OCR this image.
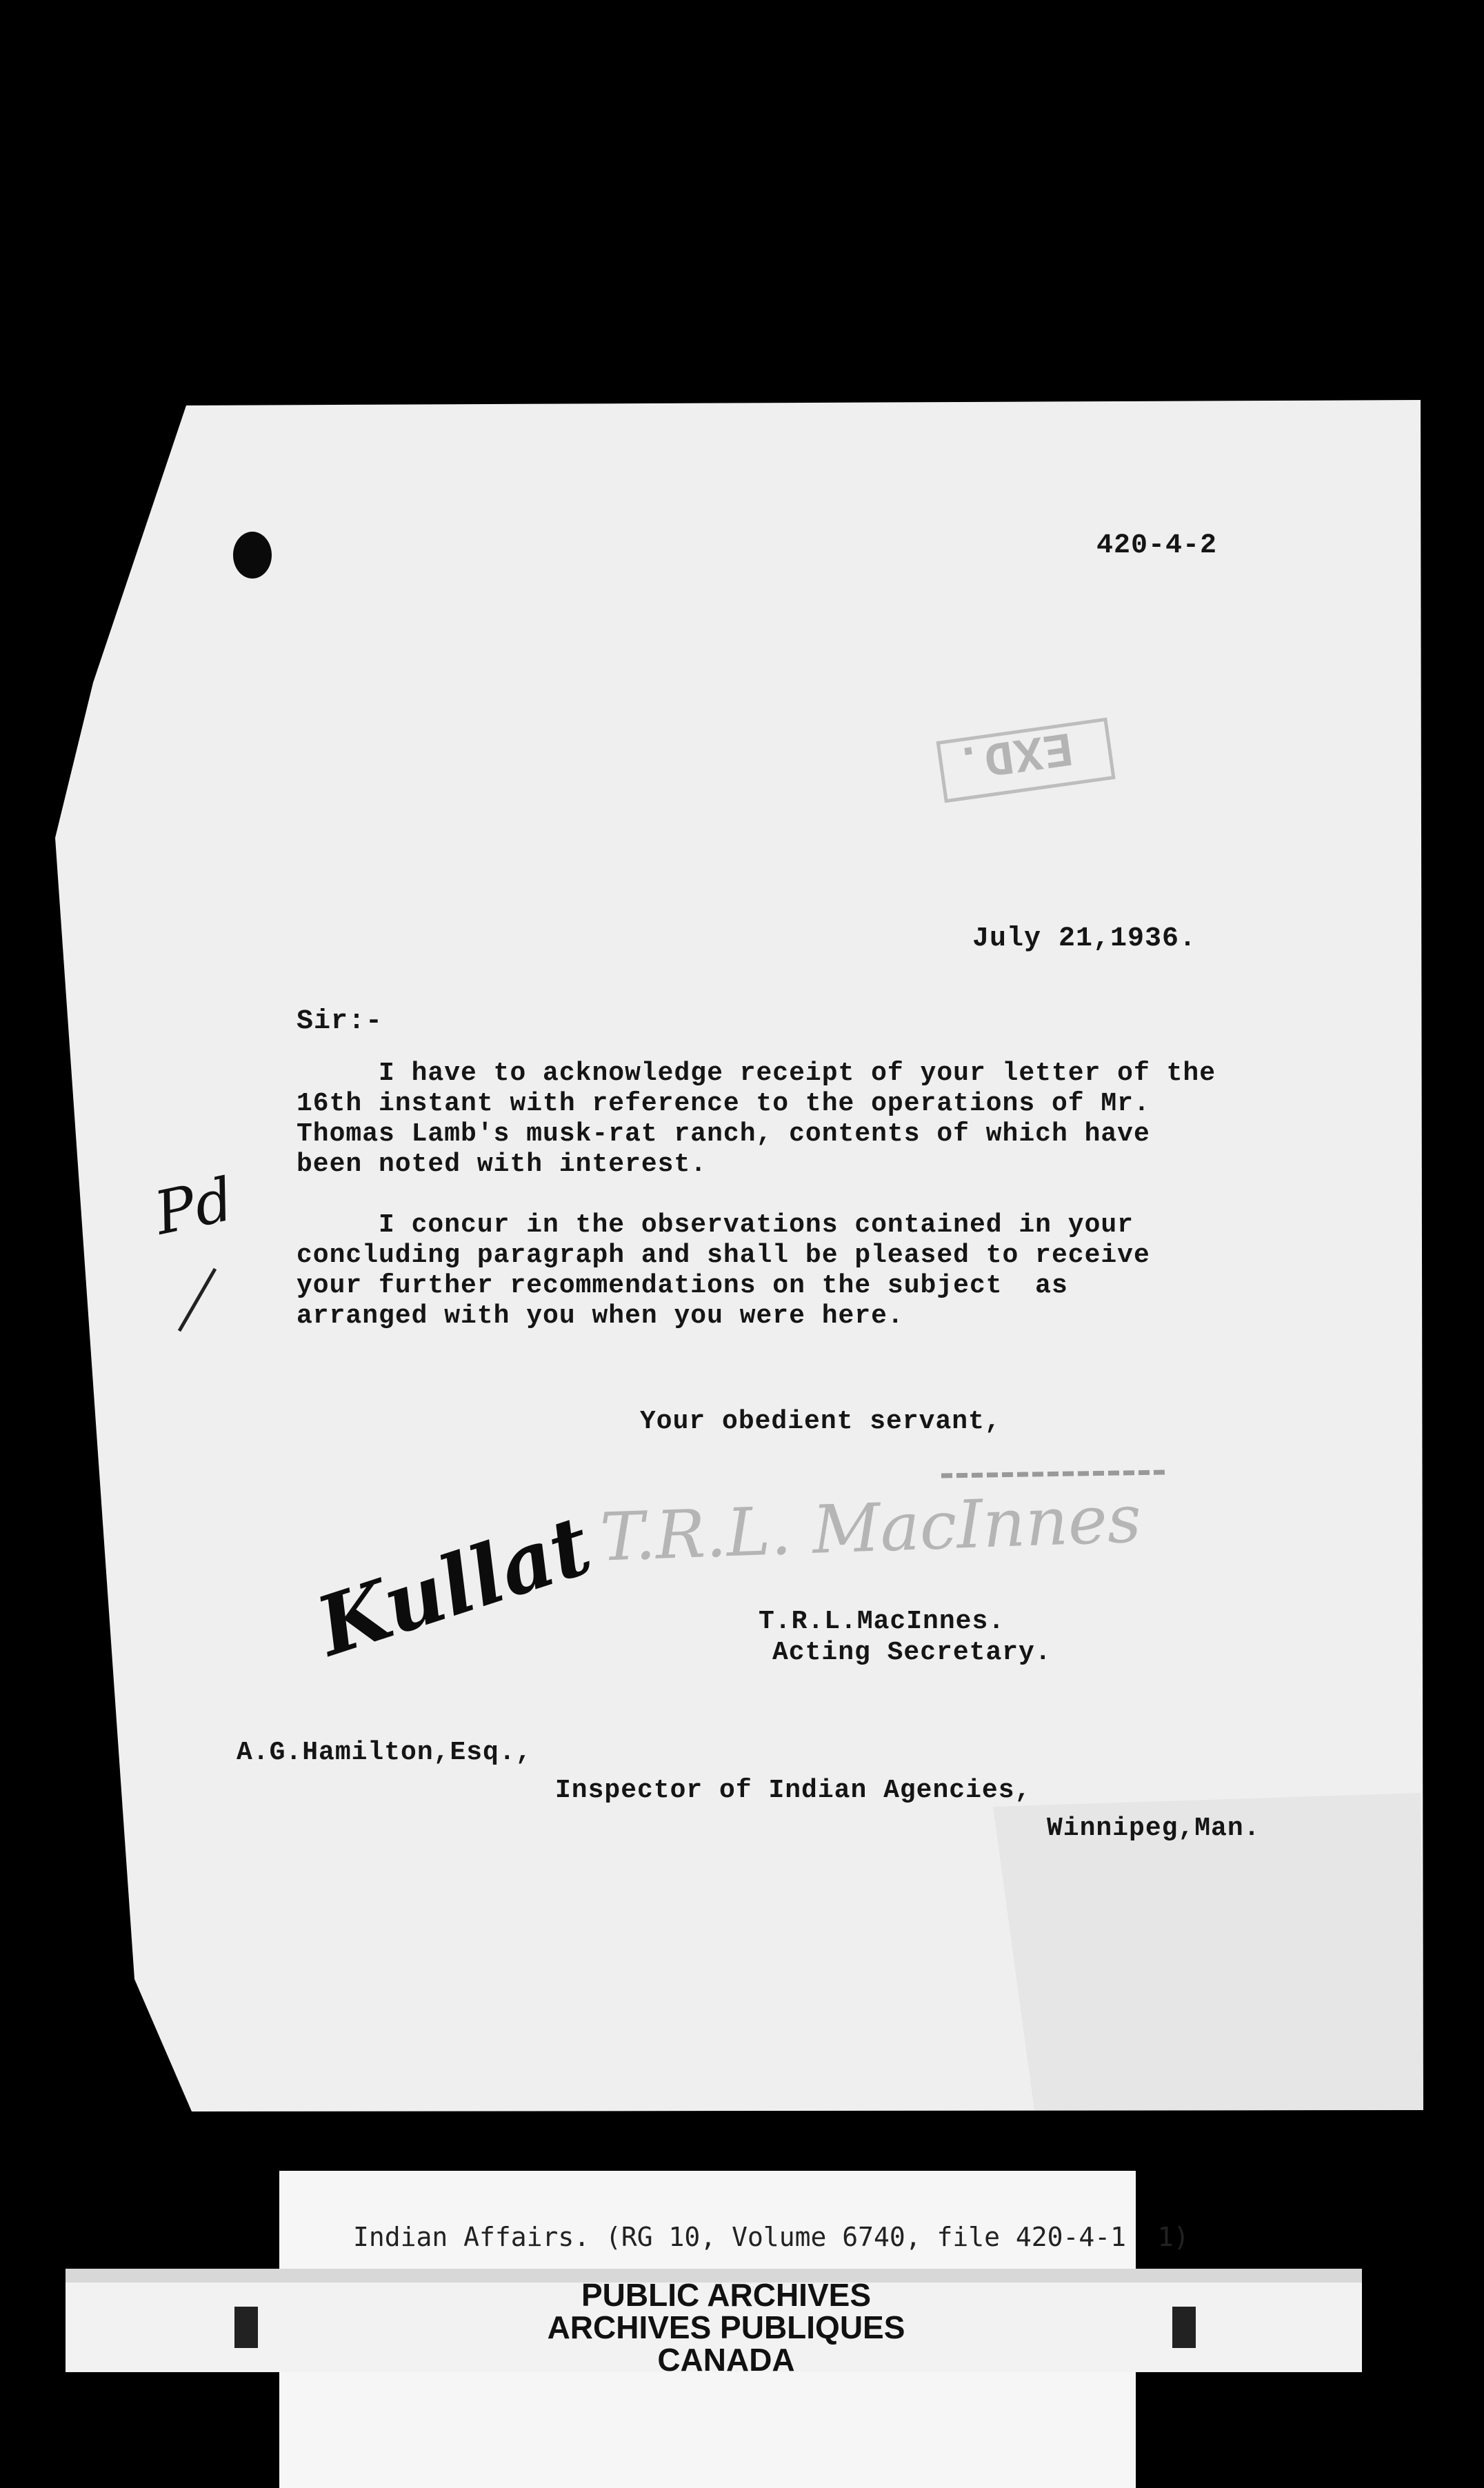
420-4-2
EXD.
July 21,1936.
Sir:-
I have to acknowledge receipt of your letter of the
16th instant with reference to the operations of Mr.
Thomas Lamb's musk-rat ranch, contents of which have
been noted with interest.
I concur in the observations contained in your
concluding paragraph and shall be pleased to receive
your further recommendations on the subject  as
arranged with you when you were here.
Pd
Your obedient servant,
T.R.L. MacInnes
Kullat	T.R.L.MacInnes.
Acting Secretary.
A.G.Hamilton,Esq.,
Inspector of Indian Agencies,
Winnipeg,Man.
Indian Affairs. (RG 10, Volume 6740, file 420-4-1  1)
PUBLIC ARCHIVES
ARCHIVES PUBLIQUES
CANADA
